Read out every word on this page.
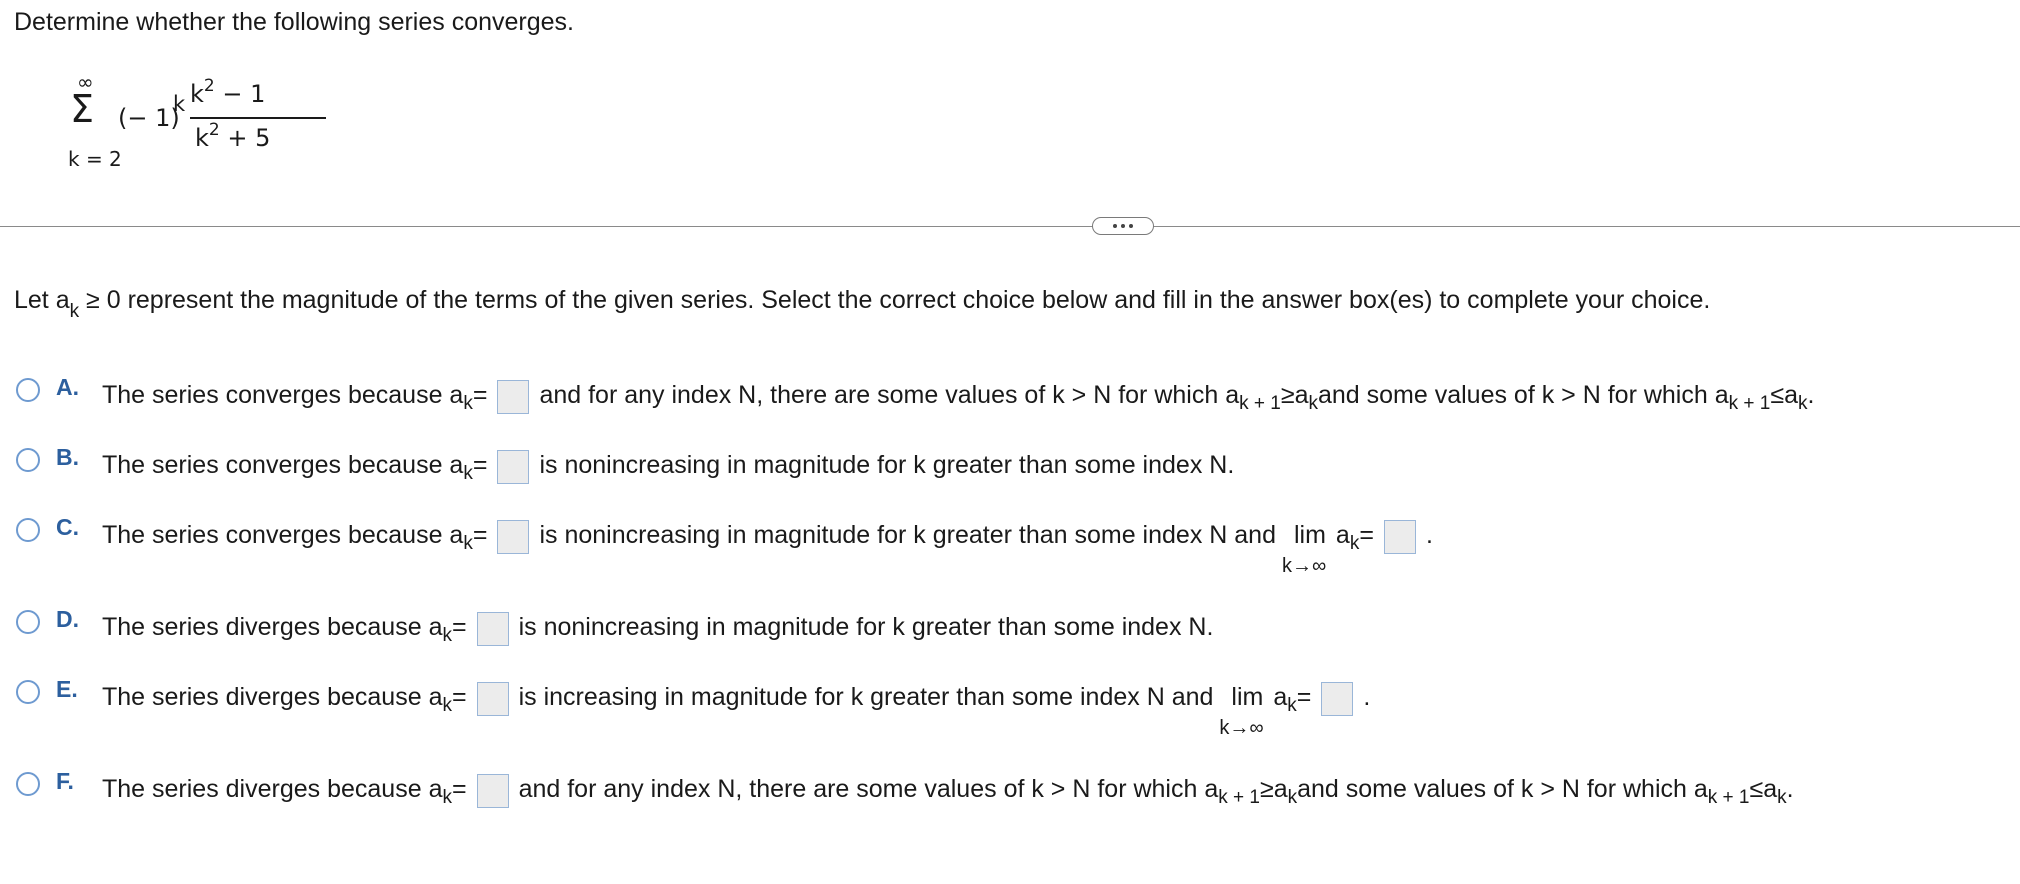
Determine whether the following series converges.
∞
Σ
k = 2
(− 1)
k $k^2 - 1$
$k^2 + 5$
Let $a_k \ge 0$ represent the magnitude of the terms of the given series. Select the correct choice below and fill in the answer box(es) to complete your choice.
A. The series converges because a k = and for any index N, there are some values of k > N for which a k + 1 ≥ a k and some values of k > N for which a k + 1 ≤ a k .
B. The series converges because a k = is nonincreasing in magnitude for k greater than some index N.
C. The series converges because a k = is nonincreasing in magnitude for k greater than some index N and lim
k→∞
a k = .
D. The series diverges because a k = is nonincreasing in magnitude for k greater than some index N.
E. The series diverges because a k = is increasing in magnitude for k greater than some index N and lim
k→∞
a k = .
F. The series diverges because a k = and for any index N, there are some values of k > N for which a k + 1 ≥ a k and some values of k > N for which a k + 1 ≤ a k .
